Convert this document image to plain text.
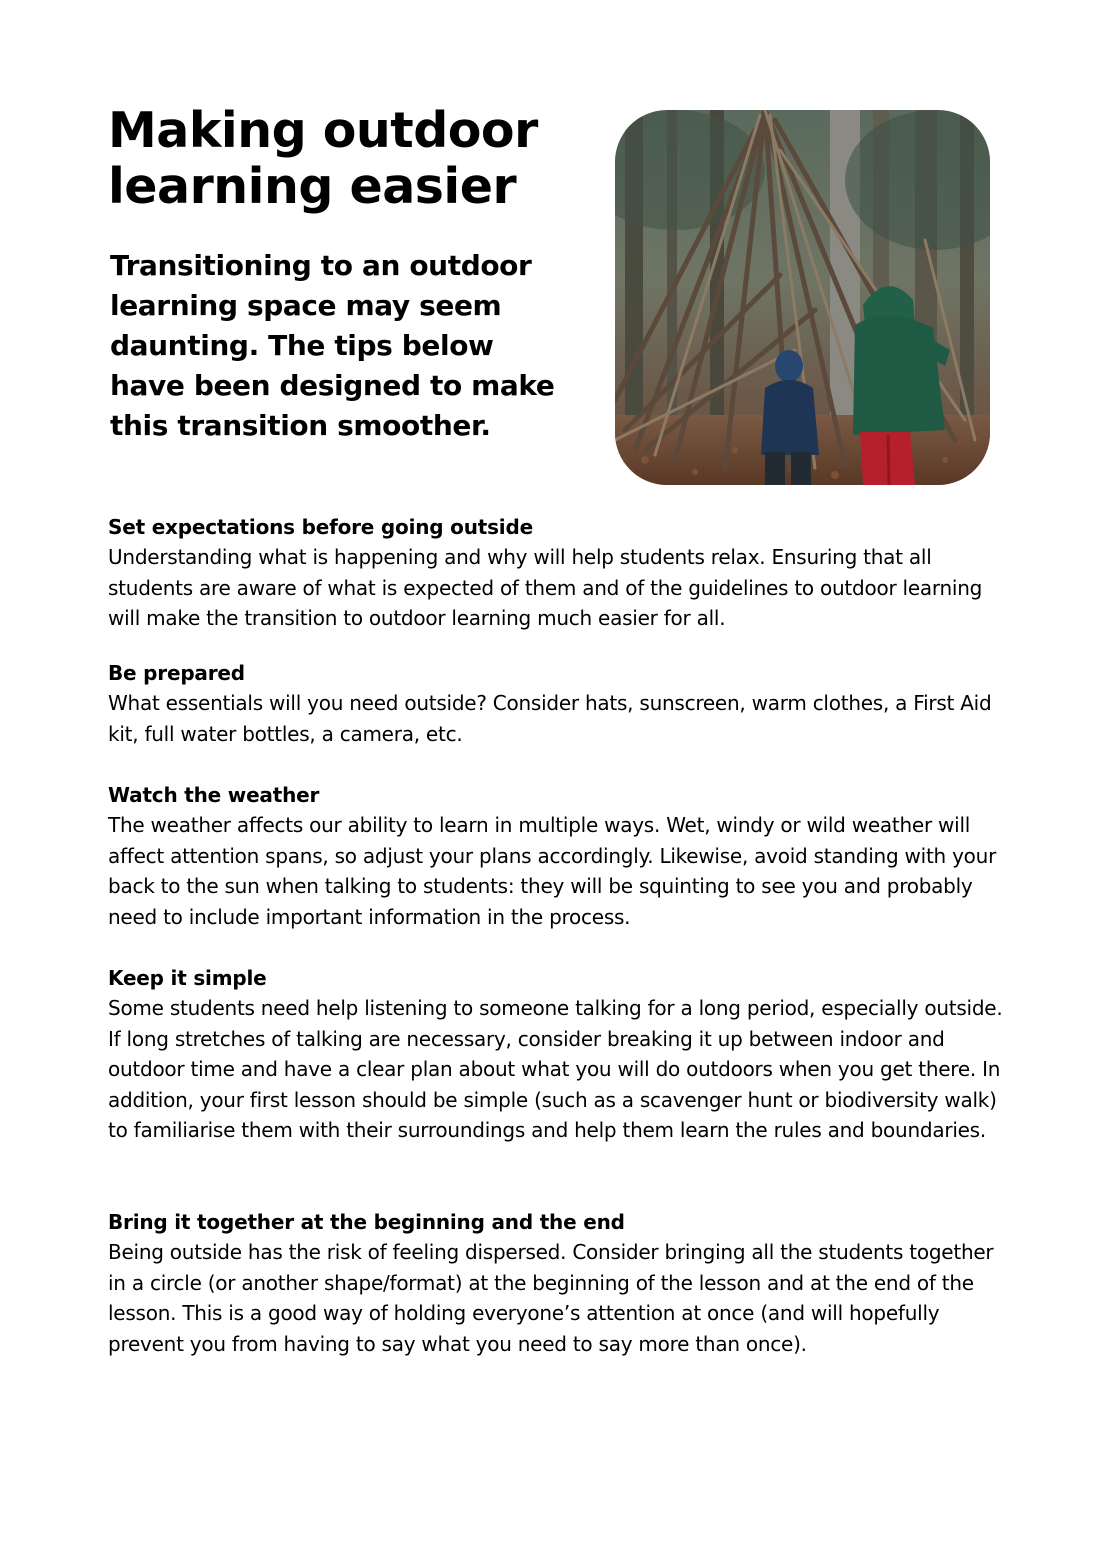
Making outdoor learning easier

Transitioning to an outdoor learning space may seem daunting. The tips below have been designed to make this transition smoother.

Set expectations before going outside

Understanding what is happening and why will help students relax. Ensuring that all students are aware of what is expected of them and of the guidelines to outdoor learning will make the transition to outdoor learning much easier for all.

Be prepared

What essentials will you need outside? Consider hats, sunscreen, warm clothes, a First Aid kit, full water bottles, a camera, etc.

Watch the weather

The weather affects our ability to learn in multiple ways. Wet, windy or wild weather will affect attention spans, so adjust your plans accordingly. Likewise, avoid standing with your back to the sun when talking to students: they will be squinting to see you and probably need to include important information in the process.

Keep it simple

Some students need help listening to someone talking for a long period, especially outside. If long stretches of talking are necessary, consider breaking it up between indoor and outdoor time and have a clear plan about what you will do outdoors when you get there. In addition, your first lesson should be simple (such as a scavenger hunt or biodiversity walk) to familiarise them with their surroundings and help them learn the rules and boundaries.

Bring it together at the beginning and the end

Being outside has the risk of feeling dispersed. Consider bringing all the students together in a circle (or another shape/format) at the beginning of the lesson and at the end of the lesson. This is a good way of holding everyone’s attention at once (and will hopefully prevent you from having to say what you need to say more than once).
